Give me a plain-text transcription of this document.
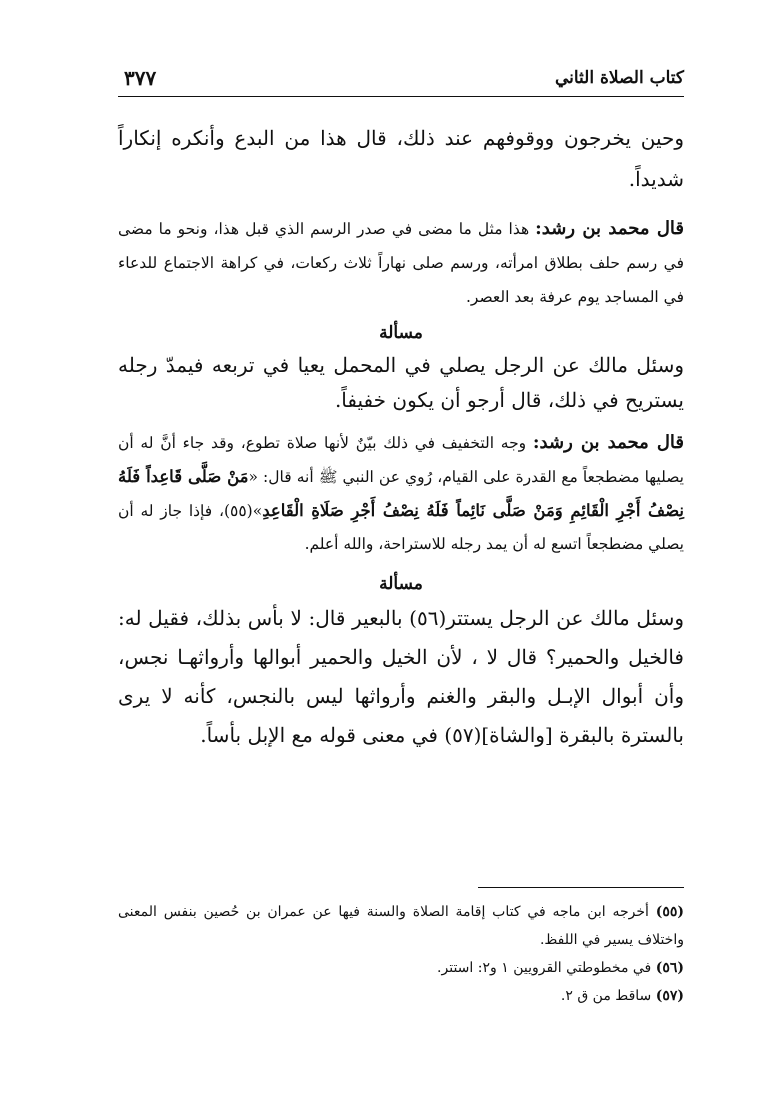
كتاب الصلاة الثاني
٣٧٧

وحين يخرجون ووقوفهم عند ذلك، قال هذا من البدع وأنكره إنكاراً شديداً.

قال محمد بن رشد: هذا مثل ما مضى في صدر الرسم الذي قبل هذا، ونحو ما مضى في رسم حلف بطلاق امرأته، ورسم صلى نهاراً ثلاث ركعات، في كراهة الاجتماع للدعاء في المساجد يوم عرفة بعد العصر.

مسألة

وسئل مالك عن الرجل يصلي في المحمل يعيا في تربعه فيمدّ رجله يستريح في ذلك، قال أرجو أن يكون خفيفاً.

قال محمد بن رشد: وجه التخفيف في ذلك بيّنٌ لأنها صلاة تطوع، وقد جاء أنَّ له أن يصليها مضطجعاً مع القدرة على القيام، رُوي عن النبي ﷺ أنه قال: «مَنْ صَلَّى قَاعِداً فَلَهُ نِصْفُ أَجْرِ الْقَائِمِ وَمَنْ صَلَّى نَائِماً فَلَهُ نِصْفُ أَجْرِ صَلَاةِ الْقَاعِدِ»(٥٥)، فإذا جاز له أن يصلي مضطجعاً اتسع له أن يمد رجله للاستراحة، والله أعلم.

مسألة

وسئل مالك عن الرجل يستتر(٥٦) بالبعير قال: لا بأس بذلك، فقيل له: فالخيل والحمير؟ قال لا ، لأن الخيل والحمير أبوالها وأرواثهـا نجس، وأن أبوال الإبـل والبقر والغنم وأرواثها ليس بالنجس، كأنه لا يرى بالسترة بالبقرة [والشاة](٥٧) في معنى قوله مع الإبل بأساً.

(٥٥) أخرجه ابن ماجه في كتاب إقامة الصلاة والسنة فيها عن عمران بن حُصين بنفس المعنى واختلاف يسير في اللفظ.

(٥٦) في مخطوطتي القرويين ١ و٢: استتر.

(٥٧) ساقط من ق ٢.
